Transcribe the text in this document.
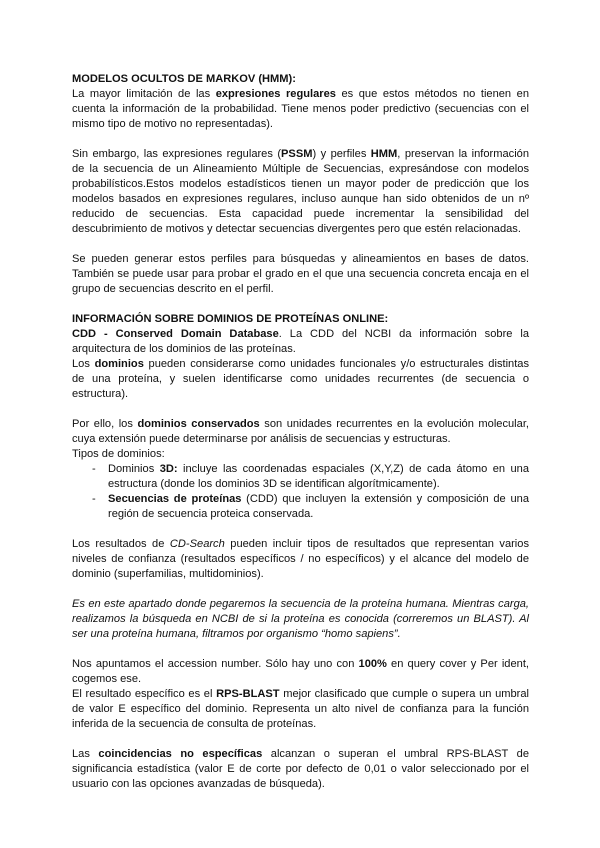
MODELOS OCULTOS DE MARKOV (HMM):

La mayor limitación de las expresiones regulares es que estos métodos no tienen en cuenta la información de la probabilidad. Tiene menos poder predictivo (secuencias con el mismo tipo de motivo no representadas).

Sin embargo, las expresiones regulares (PSSM) y perfiles HMM, preservan la información de la secuencia de un Alineamiento Múltiple de Secuencias, expresándose con modelos probabilísticos.Estos modelos estadísticos tienen un mayor poder de predicción que los modelos basados en expresiones regulares, incluso aunque han sido obtenidos de un nº reducido de secuencias. Esta capacidad puede incrementar la sensibilidad del descubrimiento de motivos y detectar secuencias divergentes pero que estén relacionadas.

Se pueden generar estos perfiles para búsquedas y alineamientos en bases de datos. También se puede usar para probar el grado en el que una secuencia concreta encaja en el grupo de secuencias descrito en el perfil.

INFORMACIÓN SOBRE DOMINIOS DE PROTEÍNAS ONLINE:

CDD - Conserved Domain Database. La CDD del NCBI da información sobre la arquitectura de los dominios de las proteínas.

Los dominios pueden considerarse como unidades funcionales y/o estructurales distintas de una proteína, y suelen identificarse como unidades recurrentes (de secuencia o estructura).

Por ello, los dominios conservados son unidades recurrentes en la evolución molecular, cuya extensión puede determinarse por análisis de secuencias y estructuras.

Tipos de dominios:

- Dominios 3D: incluye las coordenadas espaciales (X,Y,Z) de cada átomo en una estructura (donde los dominios 3D se identifican algorítmicamente).
- Secuencias de proteínas (CDD) que incluyen la extensión y composición de una región de secuencia proteica conservada.

Los resultados de CD-Search pueden incluir tipos de resultados que representan varios niveles de confianza (resultados específicos / no específicos) y el alcance del modelo de dominio (superfamilias, multidominios).

Es en este apartado donde pegaremos la secuencia de la proteína humana. Mientras carga, realizamos la búsqueda en NCBI de si la proteína es conocida (correremos un BLAST). Al ser una proteína humana, filtramos por organismo “homo sapiens”.

Nos apuntamos el accession number. Sólo hay uno con 100% en query cover y Per ident, cogemos ese.

El resultado específico es el RPS-BLAST mejor clasificado que cumple o supera un umbral de valor E específico del dominio. Representa un alto nivel de confianza para la función inferida de la secuencia de consulta de proteínas.

Las coincidencias no específicas alcanzan o superan el umbral RPS-BLAST de significancia estadística (valor E de corte por defecto de 0,01 o valor seleccionado por el usuario con las opciones avanzadas de búsqueda).
